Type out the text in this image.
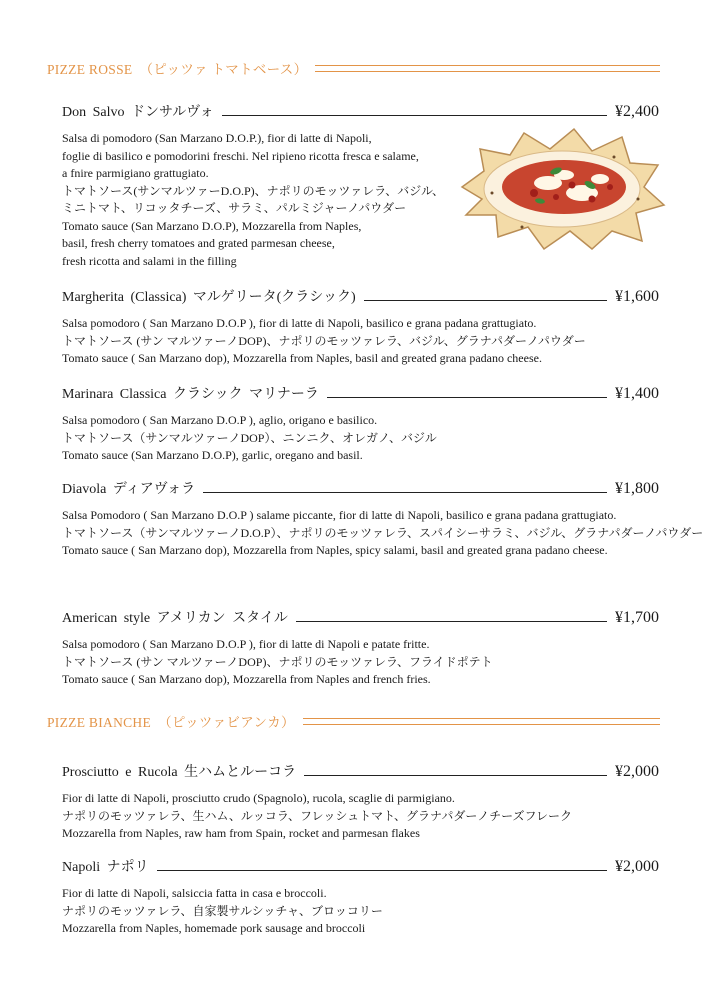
PIZZE ROSSE　（ピッツァ トマトベース）
Don Salvo ドンサルヴォ	¥2,400
Salsa di pomodoro (San Marzano D.O.P.), fior di latte di Napoli,
foglie di basilico e pomodorini freschi. Nel ripieno ricotta fresca e salame,
a fnire parmigiano grattugiato.
トマトソース(サンマルツァーD.O.P)、ナポリのモッツァレラ、バジル、
ミニトマト、リコッタチーズ、サラミ、パルミジャーノパウダー
Tomato sauce (San Marzano D.O.P), Mozzarella from Naples,
basil, fresh cherry tomatoes and grated parmesan cheese,
fresh ricotta and salami in the filling
Margherita (Classica) マルゲリータ(クラシック)	¥1,600
Salsa pomodoro ( San Marzano D.O.P ), fior di latte di Napoli, basilico e grana padana grattugiato.
トマトソース (サン マルツァーノDOP)、ナポリのモッツァレラ、バジル、グラナパダーノパウダー
Tomato sauce ( San Marzano dop), Mozzarella from Naples, basil and greated grana padano cheese.
Marinara Classica クラシック マリナーラ	¥1,400
Salsa pomodoro ( San Marzano D.O.P ), aglio, origano e basilico.
トマトソース（サンマルツァーノDOP）、ニンニク、オレガノ、バジル
Tomato sauce (San Marzano D.O.P), garlic, oregano and basil.
Diavola ディアヴォラ	¥1,800
Salsa Pomodoro ( San Marzano D.O.P ) salame piccante, fior di latte di Napoli, basilico e grana padana grattugiato.
トマトソース（サンマルツァーノD.O.P）、ナポリのモッツァレラ、スパイシーサラミ、バジル、グラナパダーノパウダー
Tomato sauce ( San Marzano dop), Mozzarella from Naples, spicy salami, basil and greated grana padano cheese.
American style アメリカン スタイル	¥1,700
Salsa pomodoro ( San Marzano D.O.P ), fior di latte di Napoli e patate fritte.
トマトソース (サン マルツァーノDOP)、ナポリのモッツァレラ、フライドポテト
Tomato sauce ( San Marzano dop), Mozzarella from Naples and french fries.
PIZZE BIANCHE　（ピッツァビアンカ）
Prosciutto e Rucola 生ハムとルーコラ	¥2,000
Fior di latte di Napoli, prosciutto crudo (Spagnolo), rucola, scaglie di parmigiano.
ナポリのモッツァレラ、生ハム、ルッコラ、フレッシュトマト、グラナパダーノチーズフレーク
Mozzarella from Naples, raw ham from Spain, rocket and parmesan flakes
Napoli ナポリ	¥2,000
Fior di latte di Napoli, salsiccia fatta in casa e broccoli.
ナポリのモッツァレラ、自家製サルシッチャ、ブロッコリー
Mozzarella from Naples, homemade pork sausage and broccoli
